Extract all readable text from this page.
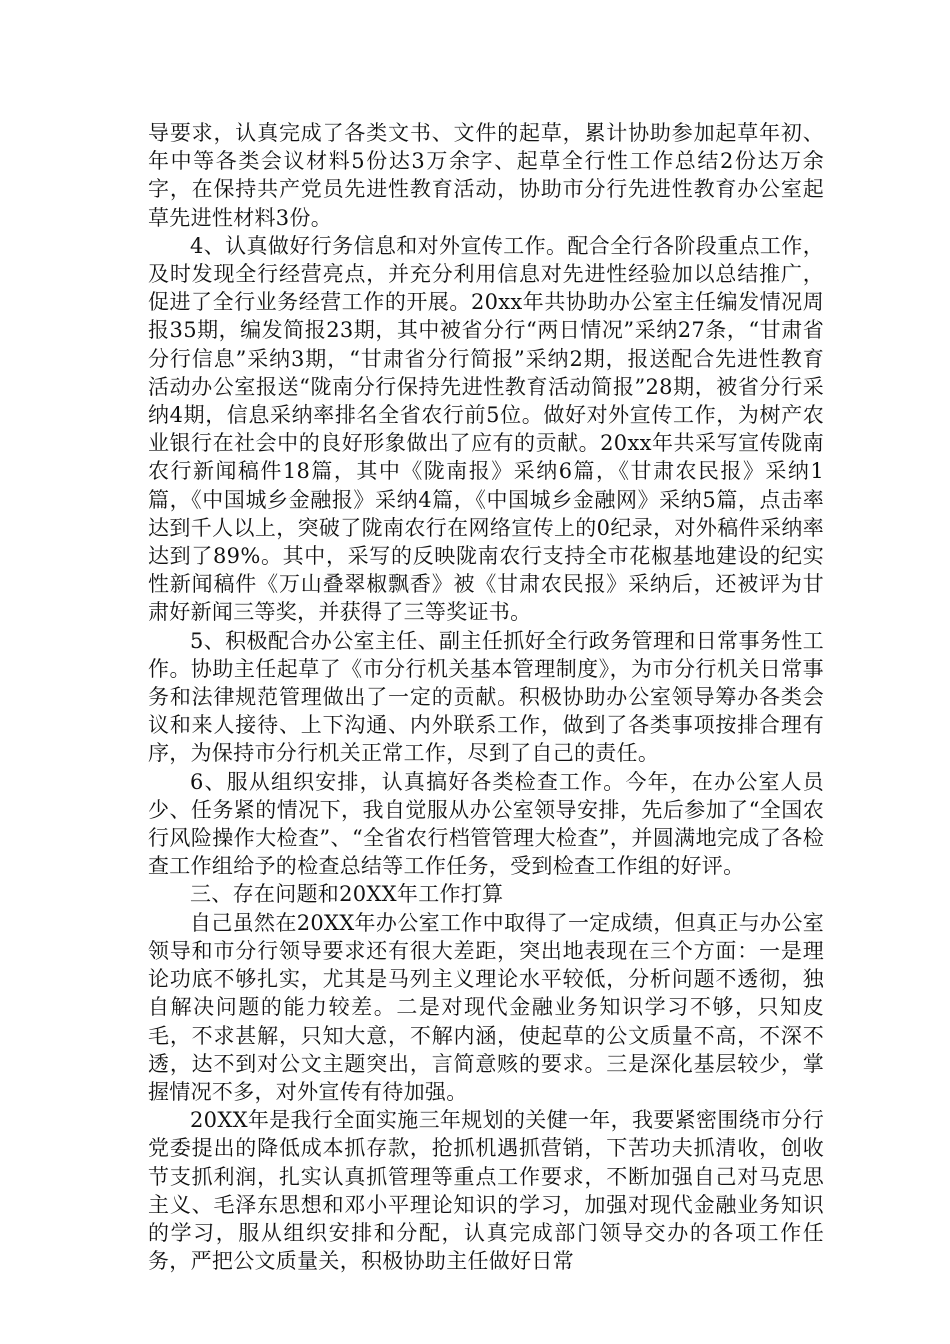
导要求，认真完成了各类文书、文件的起草，累计协助参加起草年初、年中等各类会议材料5份达3万余字、起草全行性工作总结2份达万余字，在保持共产党员先进性教育活动，协助市分行先进性教育办公室起草先进性材料3份。

4、认真做好行务信息和对外宣传工作。配合全行各阶段重点工作，及时发现全行经营亮点，并充分利用信息对先进性经验加以总结推广，促进了全行业务经营工作的开展。20xx年共协助办公室主任编发情况周报35期，编发简报23期，其中被省分行“两日情况”采纳27条，“甘肃省分行信息”采纳3期，“甘肃省分行简报”采纳2期，报送配合先进性教育活动办公室报送“陇南分行保持先进性教育活动简报”28期，被省分行采纳4期，信息采纳率排名全省农行前5位。做好对外宣传工作，为树产农业银行在社会中的良好形象做出了应有的贡献。20xx年共采写宣传陇南农行新闻稿件18篇，其中《陇南报》采纳6篇，《甘肃农民报》采纳1篇，《中国城乡金融报》采纳4篇，《中国城乡金融网》采纳5篇，点击率达到千人以上，突破了陇南农行在网络宣传上的0纪录，对外稿件采纳率达到了89%。其中，采写的反映陇南农行支持全市花椒基地建设的纪实性新闻稿件《万山叠翠椒飘香》被《甘肃农民报》采纳后，还被评为甘肃好新闻三等奖，并获得了三等奖证书。

5、积极配合办公室主任、副主任抓好全行政务管理和日常事务性工作。协助主任起草了《市分行机关基本管理制度》，为市分行机关日常事务和法律规范管理做出了一定的贡献。积极协助办公室领导筹办各类会议和来人接待、上下沟通、内外联系工作，做到了各类事项按排合理有序，为保持市分行机关正常工作，尽到了自己的责任。

6、服从组织安排，认真搞好各类检查工作。今年，在办公室人员少、任务紧的情况下，我自觉服从办公室领导安排，先后参加了“全国农行风险操作大检查”、“全省农行档管管理大检查”，并圆满地完成了各检查工作组给予的检查总结等工作任务，受到检查工作组的好评。

三、存在问题和20XX年工作打算

自己虽然在20XX年办公室工作中取得了一定成绩，但真正与办公室领导和市分行领导要求还有很大差距，突出地表现在三个方面：一是理论功底不够扎实，尤其是马列主义理论水平较低，分析问题不透彻，独自解决问题的能力较差。二是对现代金融业务知识学习不够，只知皮毛，不求甚解，只知大意，不解内涵，使起草的公文质量不高，不深不透，达不到对公文主题突出，言简意赅的要求。三是深化基层较少，掌握情况不多，对外宣传有待加强。

20XX年是我行全面实施三年规划的关健一年，我要紧密围绕市分行党委提出的降低成本抓存款，抢抓机遇抓营销，下苦功夫抓清收，创收节支抓利润，扎实认真抓管理等重点工作要求，不断加强自己对马克思主义、毛泽东思想和邓小平理论知识的学习，加强对现代金融业务知识的学习，服从组织安排和分配，认真完成部门领导交办的各项工作任务，严把公文质量关，积极协助主任做好日常
